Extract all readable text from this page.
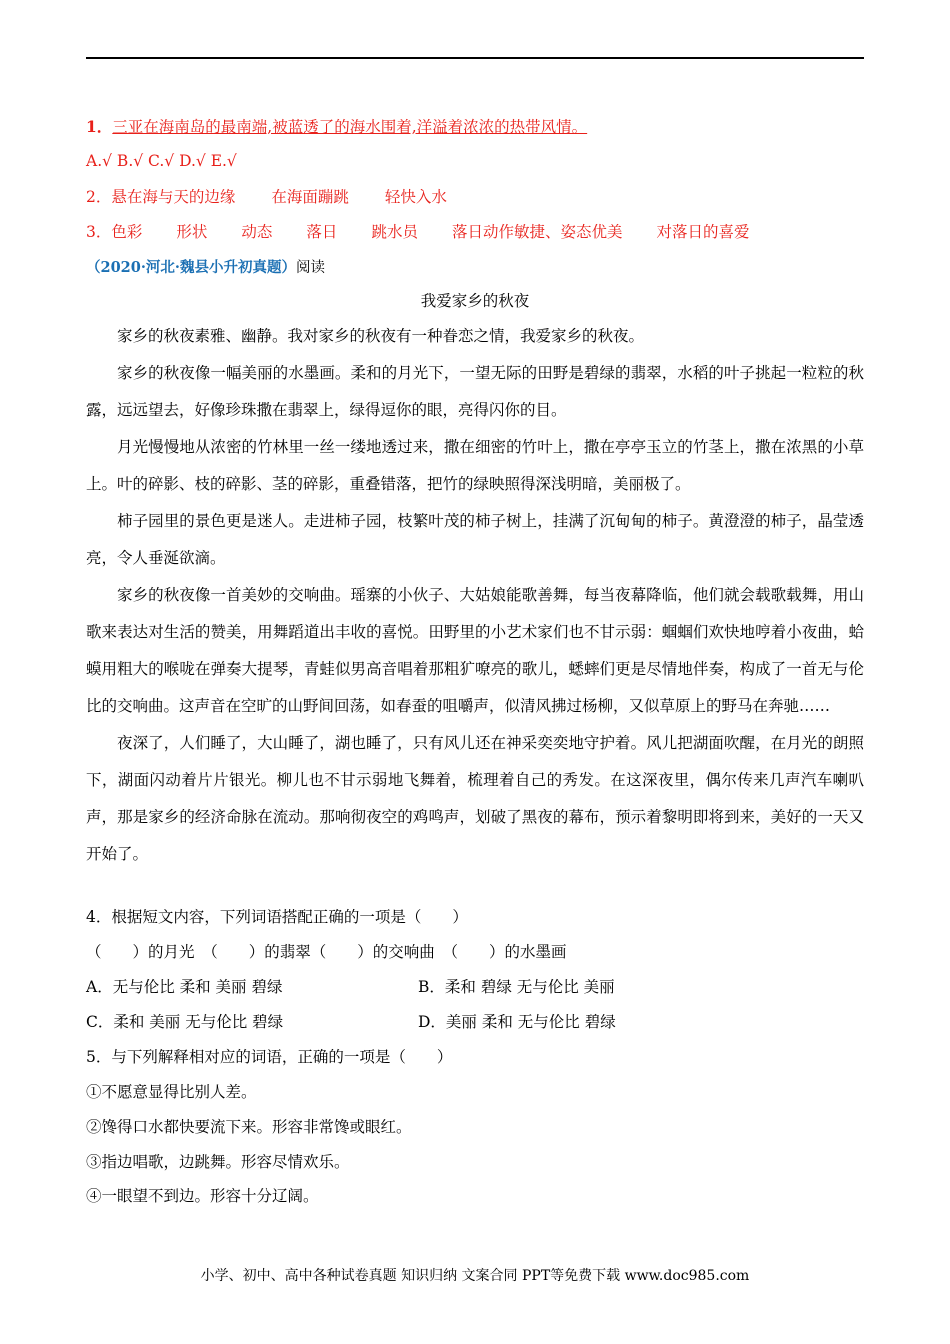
1．三亚在海南岛的最南端,被蓝透了的海水围着,洋溢着浓浓的热带风情。
A.√ B.√ C.√ D.√ E.√
2．悬在海与天的边缘 在海面蹦跳 轻快入水
3．色彩 形状 动态 落日 跳水员 落日动作敏捷、姿态优美 对落日的喜爱
（2020·河北·魏县小升初真题）阅读
我爱家乡的秋夜

家乡的秋夜素雅、幽静。我对家乡的秋夜有一种眷恋之情，我爱家乡的秋夜。

家乡的秋夜像一幅美丽的水墨画。柔和的月光下，一望无际的田野是碧绿的翡翠，水稻的叶子挑起一粒粒的秋露，远远望去，好像珍珠撒在翡翠上，绿得逗你的眼，亮得闪你的目。

月光慢慢地从浓密的竹林里一丝一缕地透过来，撒在细密的竹叶上，撒在亭亭玉立的竹茎上，撒在浓黑的小草上。叶的碎影、枝的碎影、茎的碎影，重叠错落，把竹的绿映照得深浅明暗，美丽极了。

柿子园里的景色更是迷人。走进柿子园，枝繁叶茂的柿子树上，挂满了沉甸甸的柿子。黄澄澄的柿子，晶莹透亮，令人垂涎欲滴。

家乡的秋夜像一首美妙的交响曲。瑶寨的小伙子、大姑娘能歌善舞，每当夜幕降临，他们就会载歌载舞，用山歌来表达对生活的赞美，用舞蹈道出丰收的喜悦。田野里的小艺术家们也不甘示弱：蝈蝈们欢快地哼着小夜曲，蛤蟆用粗大的喉咙在弹奏大提琴，青蛙似男高音唱着那粗犷嘹亮的歌儿，蟋蟀们更是尽情地伴奏，构成了一首无与伦比的交响曲。这声音在空旷的山野间回荡，如春蚕的咀嚼声，似清风拂过杨柳，又似草原上的野马在奔驰……

夜深了，人们睡了，大山睡了，湖也睡了，只有风儿还在神采奕奕地守护着。风儿把湖面吹醒，在月光的朗照下，湖面闪动着片片银光。柳儿也不甘示弱地飞舞着，梳理着自己的秀发。在这深夜里，偶尔传来几声汽车喇叭声，那是家乡的经济命脉在流动。那响彻夜空的鸡鸣声，划破了黑夜的幕布，预示着黎明即将到来，美好的一天又开始了。

4．根据短文内容，下列词语搭配正确的一项是（　　）
（　　）的月光　（　　）的翡翠（　　）的交响曲　（　　）的水墨画
A．无与伦比 柔和 美丽 碧绿	B．柔和 碧绿 无与伦比 美丽
C．柔和 美丽 无与伦比 碧绿	D．美丽 柔和 无与伦比 碧绿
5．与下列解释相对应的词语，正确的一项是（　　）
①不愿意显得比别人差。
②馋得口水都快要流下来。形容非常馋或眼红。
③指边唱歌，边跳舞。形容尽情欢乐。
④一眼望不到边。形容十分辽阔。
小学、初中、高中各种试卷真题 知识归纳 文案合同 PPT等免费下载 www.doc985.com
